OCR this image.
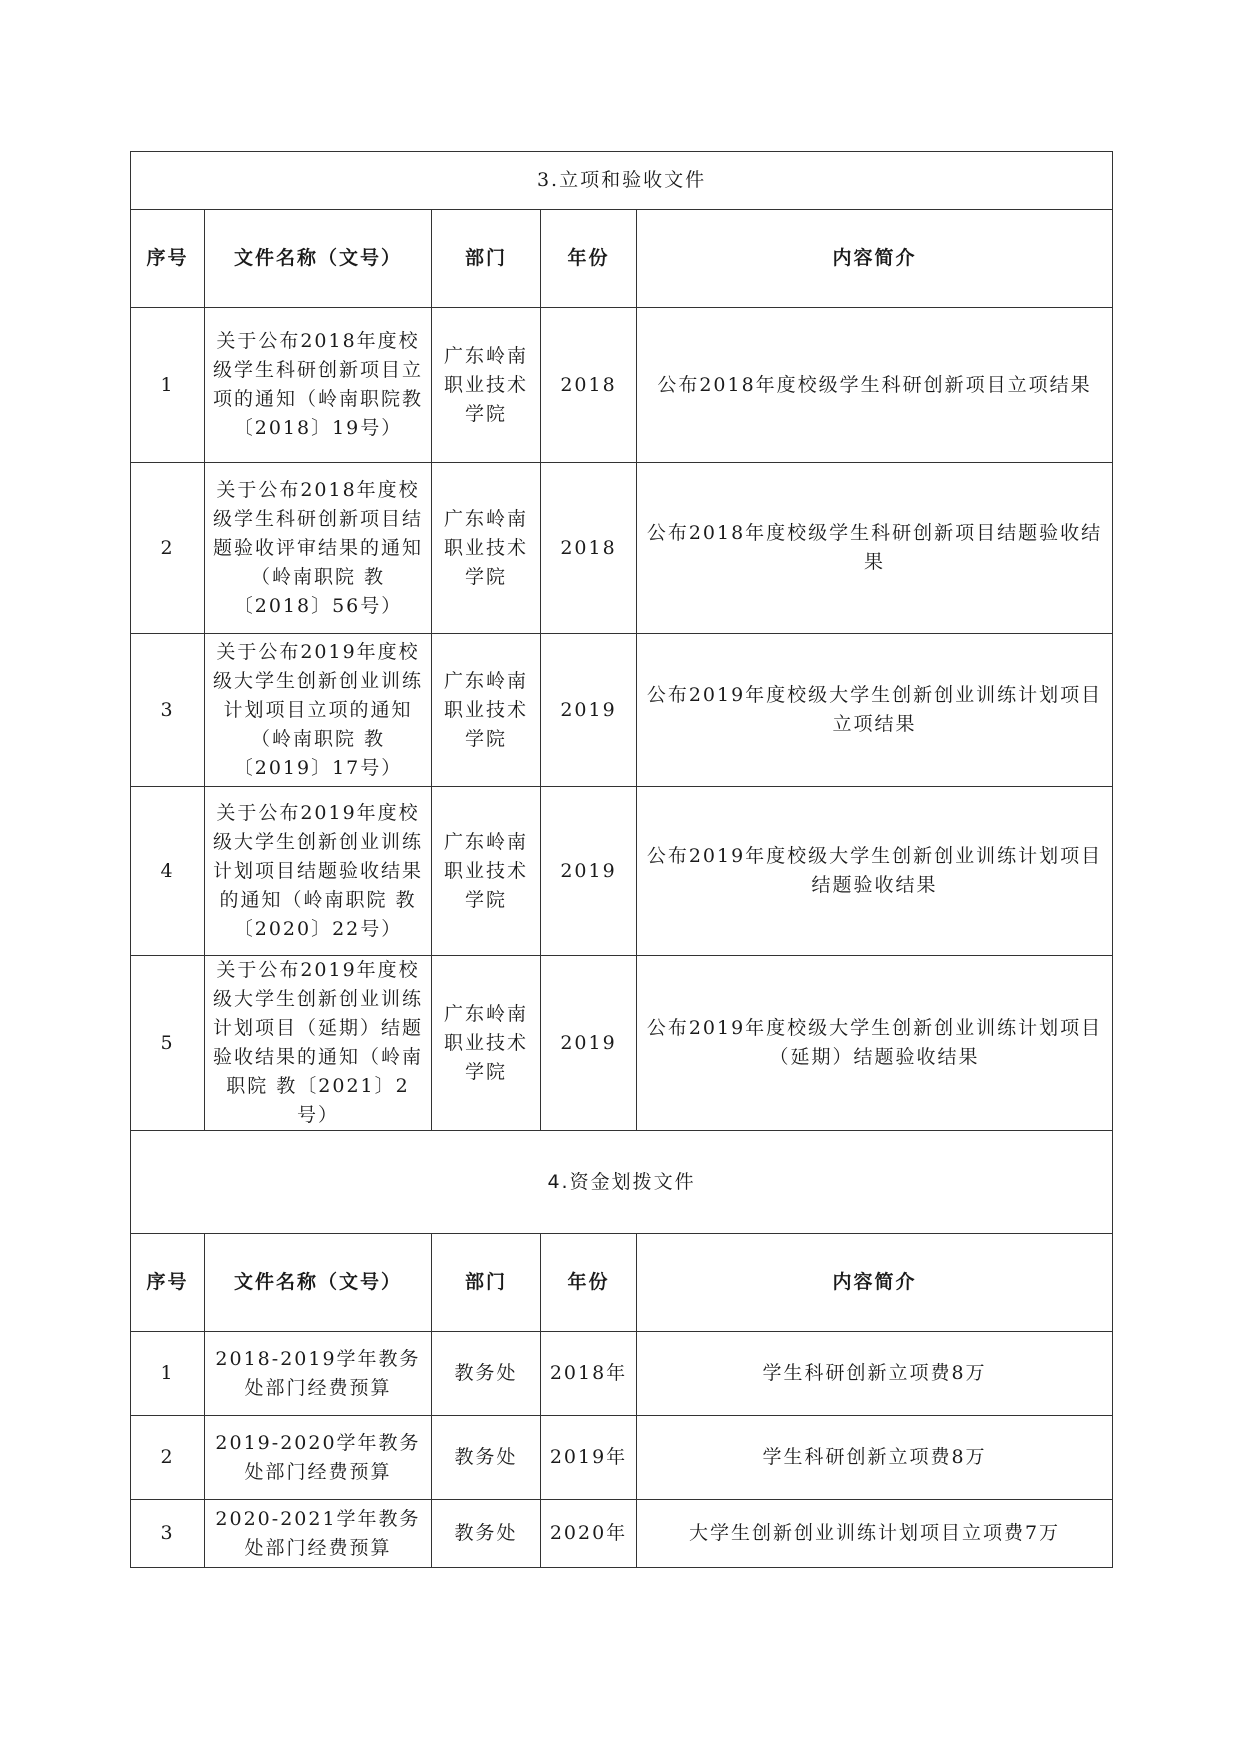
3.立项和验收文件				
序号	文件名称（文号）	部门	年份	内容简介
1	关于公布2018年度校级学生科研创新项目立项的通知（岭南职院教〔2018〕19号）	广东岭南职业技术学院	2018	公布2018年度校级学生科研创新项目立项结果
2	关于公布2018年度校级学生科研创新项目结题验收评审结果的通知（岭南职院 教〔2018〕56号）	广东岭南职业技术学院	2018	公布2018年度校级学生科研创新项目结题验收结果
3	关于公布2019年度校级大学生创新创业训练计划项目立项的通知（岭南职院 教〔2019〕17号）	广东岭南职业技术学院	2019	公布2019年度校级大学生创新创业训练计划项目立项结果
4	关于公布2019年度校级大学生创新创业训练计划项目结题验收结果的通知（岭南职院 教〔2020〕22号）	广东岭南职业技术学院	2019	公布2019年度校级大学生创新创业训练计划项目结题验收结果
5	关于公布2019年度校级大学生创新创业训练计划项目（延期）结题验收结果的通知（岭南职院 教〔2021〕2号）	广东岭南职业技术学院	2019	公布2019年度校级大学生创新创业训练计划项目（延期）结题验收结果
4.资金划拨文件				
序号	文件名称（文号）	部门	年份	内容简介
1	2018-2019学年教务处部门经费预算	教务处	2018年	学生科研创新立项费8万
2	2019-2020学年教务处部门经费预算	教务处	2019年	学生科研创新立项费8万
3	2020-2021学年教务处部门经费预算	教务处	2020年	大学生创新创业训练计划项目立项费7万
